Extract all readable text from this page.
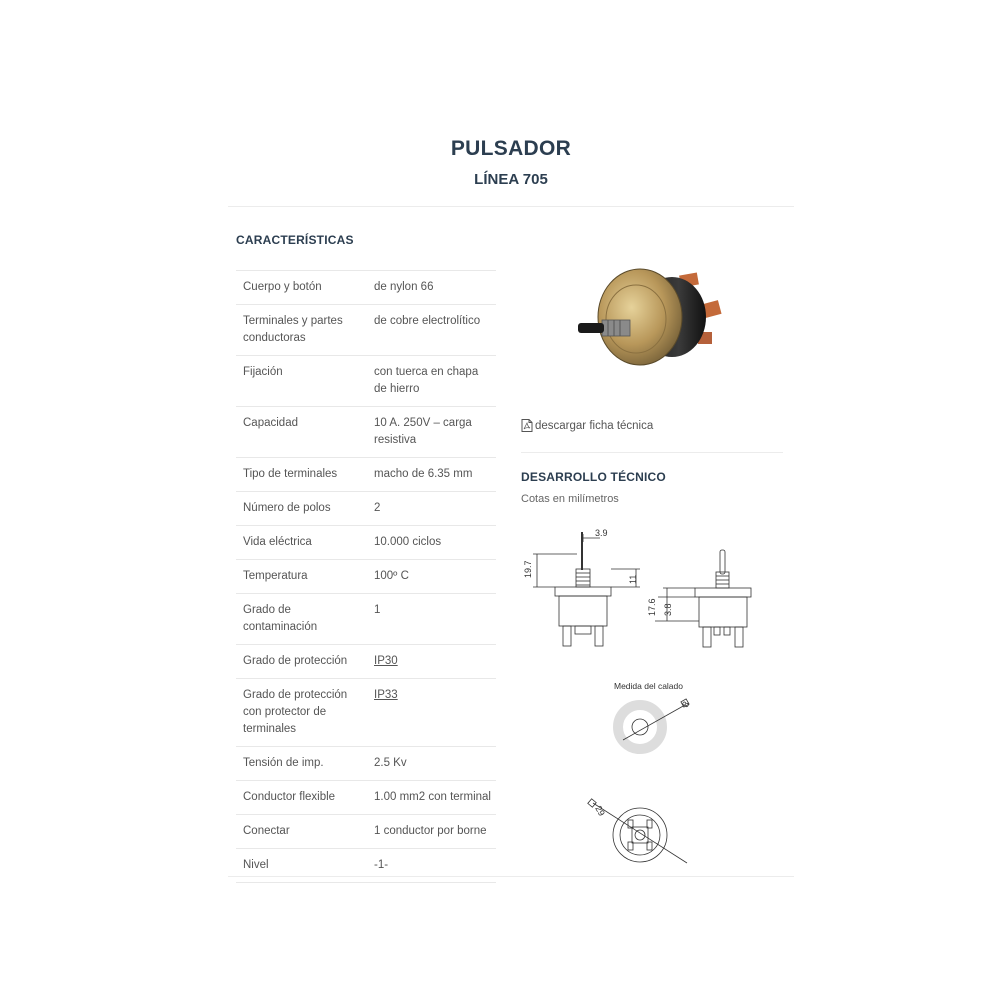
PULSADOR
LÍNEA 705
CARACTERÍSTICAS
Cuerpo y botón	de nylon 66
Terminales y partes conductoras	de cobre electrolítico
Fijación	con tuerca en chapa de hierro
Capacidad	10 A. 250V – carga resistiva
Tipo de terminales	macho de 6.35 mm
Número de polos	2
Vida eléctrica	10.000 ciclos
Temperatura	100º C
Grado de contaminación	1
Grado de protección	IP30
Grado de protección con protector de terminales	IP33
Tensión de imp.	2.5 Kv
Conductor flexible	1.00 mm2 con terminal
Conectar	1 conductor por borne
Nivel	-1-
descargar ficha técnica
DESARROLLO TÉCNICO
Cotas en milímetros
3.9
19.7
11
17.6 3.8
Medida del calado
8
29
